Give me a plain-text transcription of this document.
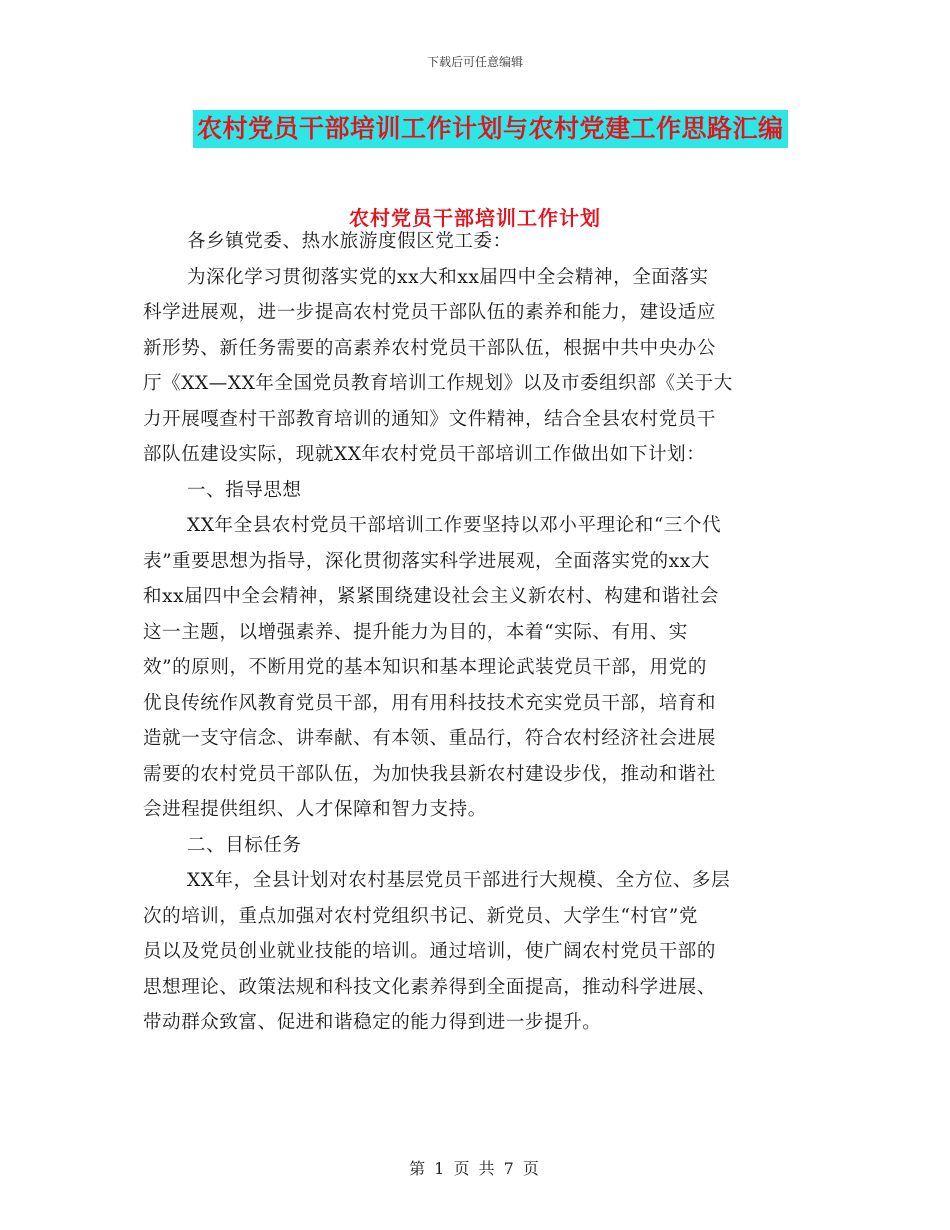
下载后可任意编辑
农村党员干部培训工作计划与农村党建工作思路汇编
农村党员干部培训工作计划
各乡镇党委、热水旅游度假区党工委：
为深化学习贯彻落实党的xx大和xx届四中全会精神，全面落实
科学进展观，进一步提高农村党员干部队伍的素养和能力，建设适应
新形势、新任务需要的高素养农村党员干部队伍，根据中共中央办公
厅《XX—XX年全国党员教育培训工作规划》以及市委组织部《关于大
力开展嘎查村干部教育培训的通知》文件精神，结合全县农村党员干
部队伍建设实际，现就XX年农村党员干部培训工作做出如下计划：
一、指导思想
XX年全县农村党员干部培训工作要坚持以邓小平理论和“三个代
表”重要思想为指导，深化贯彻落实科学进展观，全面落实党的xx大
和xx届四中全会精神，紧紧围绕建设社会主义新农村、构建和谐社会
这一主题，以增强素养、提升能力为目的，本着“实际、有用、实
效”的原则，不断用党的基本知识和基本理论武装党员干部，用党的
优良传统作风教育党员干部，用有用科技技术充实党员干部，培育和
造就一支守信念、讲奉献、有本领、重品行，符合农村经济社会进展
需要的农村党员干部队伍，为加快我县新农村建设步伐，推动和谐社
会进程提供组织、人才保障和智力支持。
二、目标任务
XX年，全县计划对农村基层党员干部进行大规模、全方位、多层
次的培训，重点加强对农村党组织书记、新党员、大学生“村官”党
员以及党员创业就业技能的培训。通过培训，使广阔农村党员干部的
思想理论、政策法规和科技文化素养得到全面提高，推动科学进展、
带动群众致富、促进和谐稳定的能力得到进一步提升。
第 1 页 共 7 页
